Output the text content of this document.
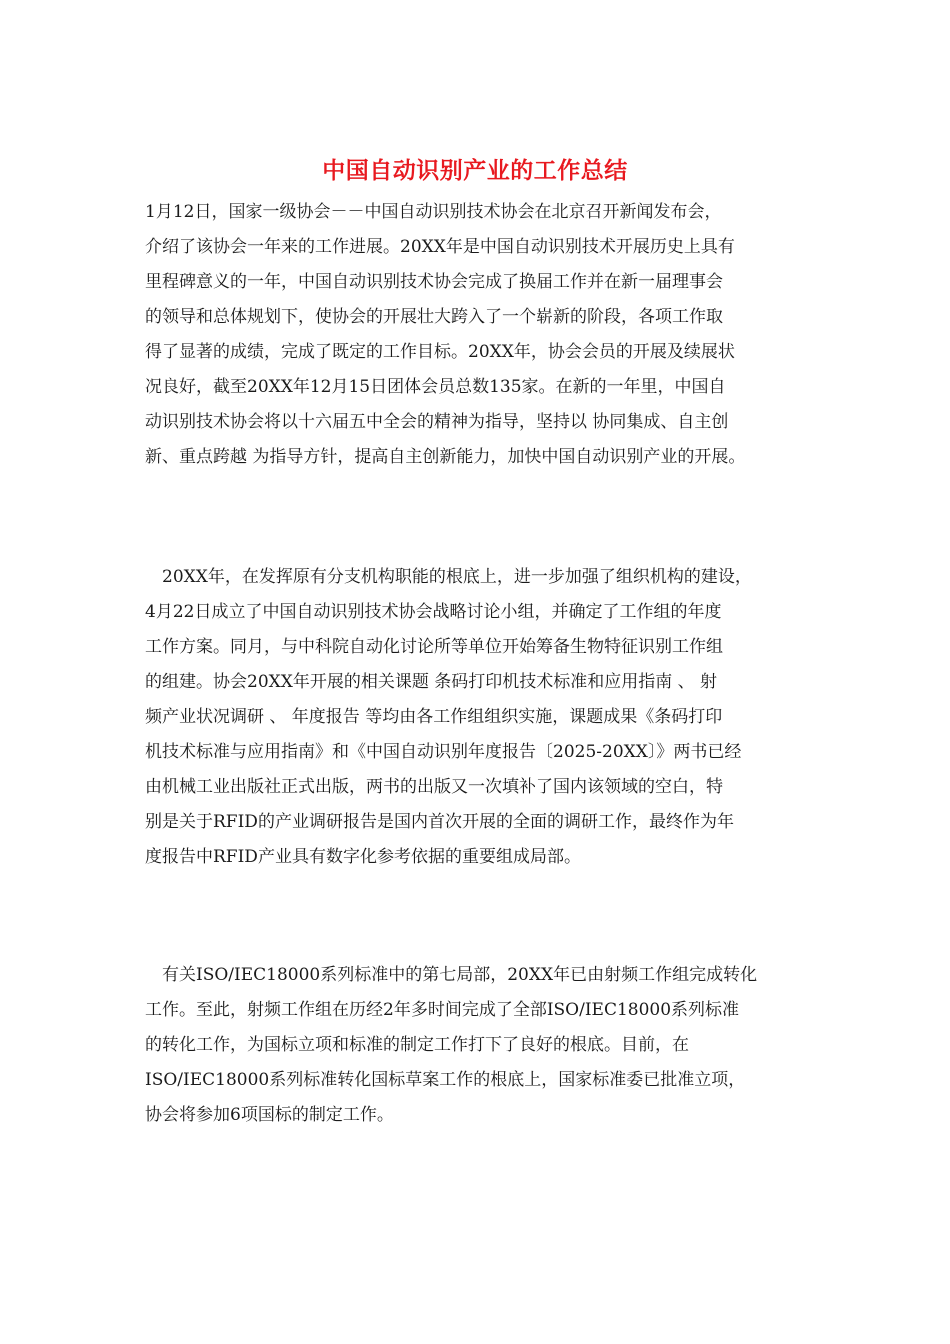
中国自动识别产业的工作总结
1月12日，国家一级协会－－中国自动识别技术协会在北京召开新闻发布会，
介绍了该协会一年来的工作进展。20XX年是中国自动识别技术开展历史上具有
里程碑意义的一年，中国自动识别技术协会完成了换届工作并在新一届理事会
的领导和总体规划下，使协会的开展壮大跨入了一个崭新的阶段，各项工作取
得了显著的成绩，完成了既定的工作目标。20XX年，协会会员的开展及续展状
况良好，截至20XX年12月15日团体会员总数135家。在新的一年里，中国自
动识别技术协会将以十六届五中全会的精神为指导，坚持以 协同集成、自主创
新、重点跨越 为指导方针，提高自主创新能力，加快中国自动识别产业的开展。
　20XX年，在发挥原有分支机构职能的根底上，进一步加强了组织机构的建设，
4月22日成立了中国自动识别技术协会战略讨论小组，并确定了工作组的年度
工作方案。同月，与中科院自动化讨论所等单位开始筹备生物特征识别工作组
的组建。协会20XX年开展的相关课题 条码打印机技术标准和应用指南 、 射
频产业状况调研 、 年度报告 等均由各工作组组织实施，课题成果《条码打印
机技术标准与应用指南》和《中国自动识别年度报告〔2025-20XX〕》两书已经
由机械工业出版社正式出版，两书的出版又一次填补了国内该领域的空白，特
别是关于RFID的产业调研报告是国内首次开展的全面的调研工作，最终作为年
度报告中RFID产业具有数字化参考依据的重要组成局部。
　有关ISO/IEC18000系列标准中的第七局部，20XX年已由射频工作组完成转化
工作。至此，射频工作组在历经2年多时间完成了全部ISO/IEC18000系列标准
的转化工作，为国标立项和标准的制定工作打下了良好的根底。目前，在
ISO/IEC18000系列标准转化国标草案工作的根底上，国家标准委已批准立项，
协会将参加6项国标的制定工作。
